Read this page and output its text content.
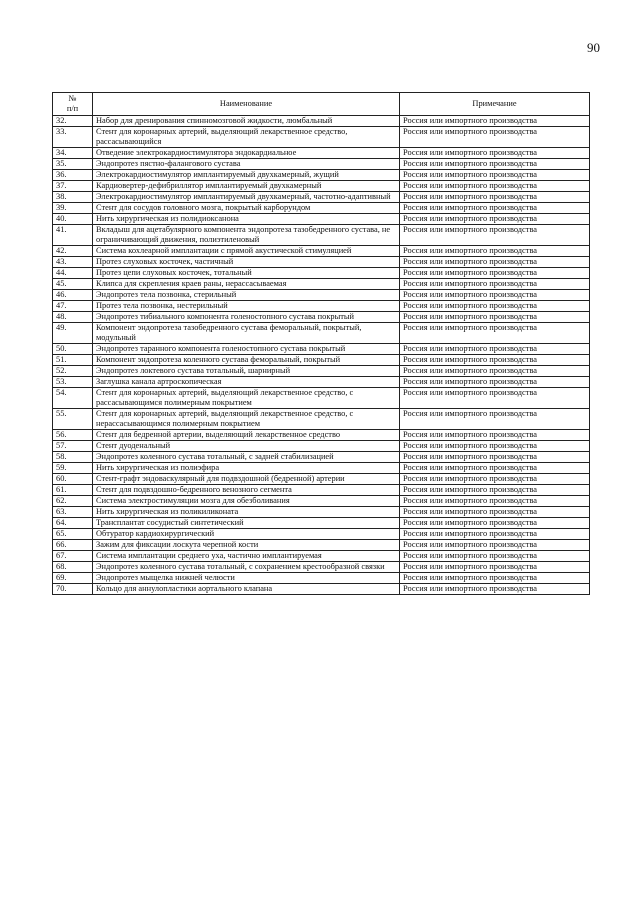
90
№
п/п	Наименование	Примечание
32.	Набор для дренирования спинномозговой жидкости, люмбальный	Россия или импортного производства
33.	Стент для коронарных артерий, выделяющий лекарственное средство, рассасывающийся	Россия или импортного производства
34.	Отведение электрокардиостимулятора эндокардиальное	Россия или импортного производства
35.	Эндопротез пястно-фалангового сустава	Россия или импортного производства
36.	Электрокардиостимулятор имплантируемый двухкамерный, жущий	Россия или импортного производства
37.	Кардиовертер-дефибриллятор имплантируемый двухкамерный	Россия или импортного производства
38.	Электрокардиостимулятор имплантируемый двухкамерный, частотно-адаптивный	Россия или импортного производства
39.	Стент для сосудов головного мозга, покрытый карборундом	Россия или импортного производства
40.	Нить хирургическая из полидиоксанона	Россия или импортного производства
41.	Вкладыш для ацетабулярного компонента эндопротеза тазобедренного сустава, не ограничивающий движения, полиэтиленовый	Россия или импортного производства
42.	Система кохлеарной имплантации с прямой акустической стимуляцией	Россия или импортного производства
43.	Протез слуховых косточек, частичный	Россия или импортного производства
44.	Протез цепи слуховых косточек, тотальный	Россия или импортного производства
45.	Клипса для скрепления краев раны, нерассасываемая	Россия или импортного производства
46.	Эндопротез тела позвонка, стерильный	Россия или импортного производства
47.	Протез тела позвонка, нестерильный	Россия или импортного производства
48.	Эндопротез тибиального компонента голеностопного сустава покрытый	Россия или импортного производства
49.	Компонент эндопротеза тазобедренного сустава феморальный, покрытый, модульный	Россия или импортного производства
50.	Эндопротез таранного компонента голеностопного сустава покрытый	Россия или импортного производства
51.	Компонент эндопротеза коленного сустава феморальный, покрытый	Россия или импортного производства
52.	Эндопротез локтевого сустава тотальный, шарнирный	Россия или импортного производства
53.	Заглушка канала артроскопическая	Россия или импортного производства
54.	Стент для коронарных артерий, выделяющий лекарственное средство, с рассасывающимся полимерным покрытием	Россия или импортного производства
55.	Стент для коронарных артерий, выделяющий лекарственное средство, с нерассасывающимся полимерным покрытием	Россия или импортного производства
56.	Стент для бедренной артерии, выделяющий лекарственное средство	Россия или импортного производства
57.	Стент дуоденальный	Россия или импортного производства
58.	Эндопротез коленного сустава тотальный, с задней стабилизацией	Россия или импортного производства
59.	Нить хирургическая из полиэфира	Россия или импортного производства
60.	Стент-графт эндоваскулярный для подвздошной (бедренной) артерии	Россия или импортного производства
61.	Стент для подвздошно-бедренного венозного сегмента	Россия или импортного производства
62.	Система электростимуляции мозга для обезболивания	Россия или импортного производства
63.	Нить хирургическая из поликиликоната	Россия или импортного производства
64.	Трансплантат сосудистый синтетический	Россия или импортного производства
65.	Обтуратор кардиохирургический	Россия или импортного производства
66.	Зажим для фиксации лоскута черепной кости	Россия или импортного производства
67.	Система имплантации среднего уха, частично имплантируемая	Россия или импортного производства
68.	Эндопротез коленного сустава тотальный, с сохранением крестообразной связки	Россия или импортного производства
69.	Эндопротез мыщелка нижней челюсти	Россия или импортного производства
70.	Кольцо для аннулопластики аортального клапана	Россия или импортного производства
